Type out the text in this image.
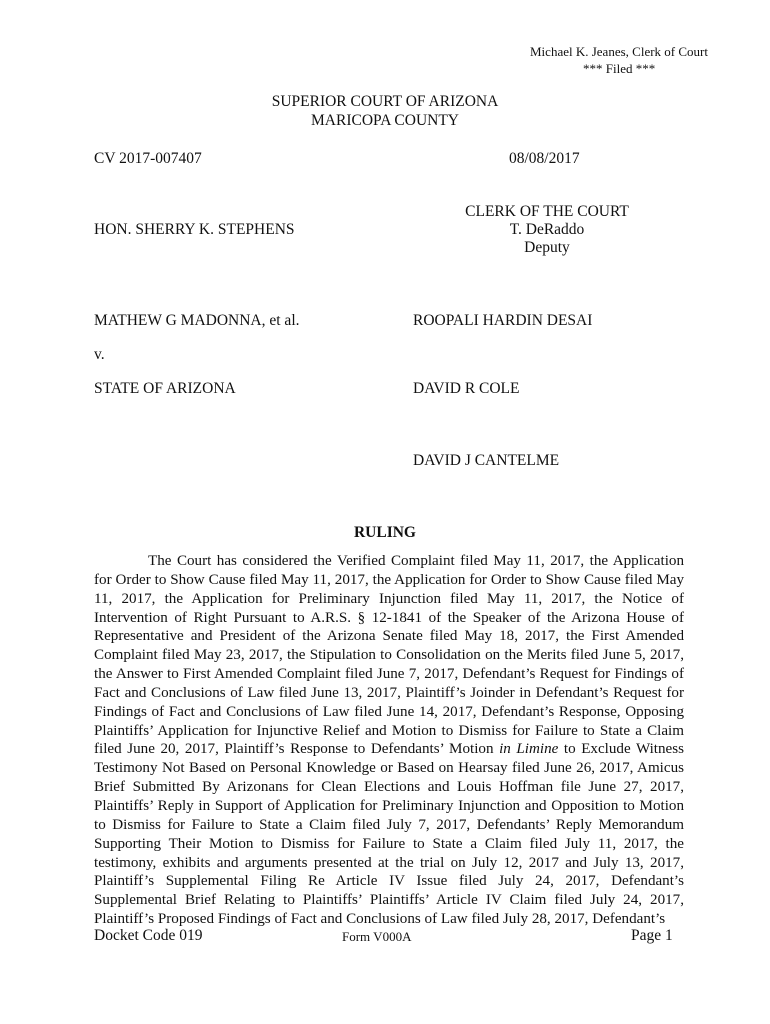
Michael K. Jeanes, Clerk of Court
*** Filed ***
SUPERIOR COURT OF ARIZONA
MARICOPA COUNTY
CV 2017-007407	08/08/2017
CLERK OF THE COURT
HON. SHERRY K. STEPHENS	T. DeRaddo
Deputy
MATHEW G MADONNA, et al.	ROOPALI HARDIN DESAI
v.
STATE OF ARIZONA	DAVID R COLE
DAVID J CANTELME
RULING
The Court has considered the Verified Complaint filed May 11, 2017, the Application for Order to Show Cause filed May 11, 2017, the Application for Order to Show Cause filed May 11, 2017, the Application for Preliminary Injunction filed May 11, 2017, the Notice of Intervention of Right Pursuant to A.R.S. § 12-1841 of the Speaker of the Arizona House of Representative and President of the Arizona Senate filed May 18, 2017, the First Amended Complaint filed May 23, 2017, the Stipulation to Consolidation on the Merits filed June 5, 2017, the Answer to First Amended Complaint filed June 7, 2017, Defendant’s Request for Findings of Fact and Conclusions of Law filed June 13, 2017, Plaintiff’s Joinder in Defendant’s Request for Findings of Fact and Conclusions of Law filed June 14, 2017, Defendant’s Response, Opposing Plaintiffs’ Application for Injunctive Relief and Motion to Dismiss for Failure to State a Claim filed June 20, 2017, Plaintiff’s Response to Defendants’ Motion in Limine to Exclude Witness Testimony Not Based on Personal Knowledge or Based on Hearsay filed June 26, 2017, Amicus Brief Submitted By Arizonans for Clean Elections and Louis Hoffman file June 27, 2017, Plaintiffs’ Reply in Support of Application for Preliminary Injunction and Opposition to Motion to Dismiss for Failure to State a Claim filed July 7, 2017, Defendants’ Reply Memorandum Supporting Their Motion to Dismiss for Failure to State a Claim filed July 11, 2017, the testimony, exhibits and arguments presented at the trial on July 12, 2017 and July 13, 2017, Plaintiff’s Supplemental Filing Re Article IV Issue filed July 24, 2017, Defendant’s Supplemental Brief Relating to Plaintiffs’ Plaintiffs’ Article IV Claim filed July 24, 2017, Plaintiff’s Proposed Findings of Fact and Conclusions of Law filed July 28, 2017, Defendant’s
Docket Code 019	Form V000A	Page 1
